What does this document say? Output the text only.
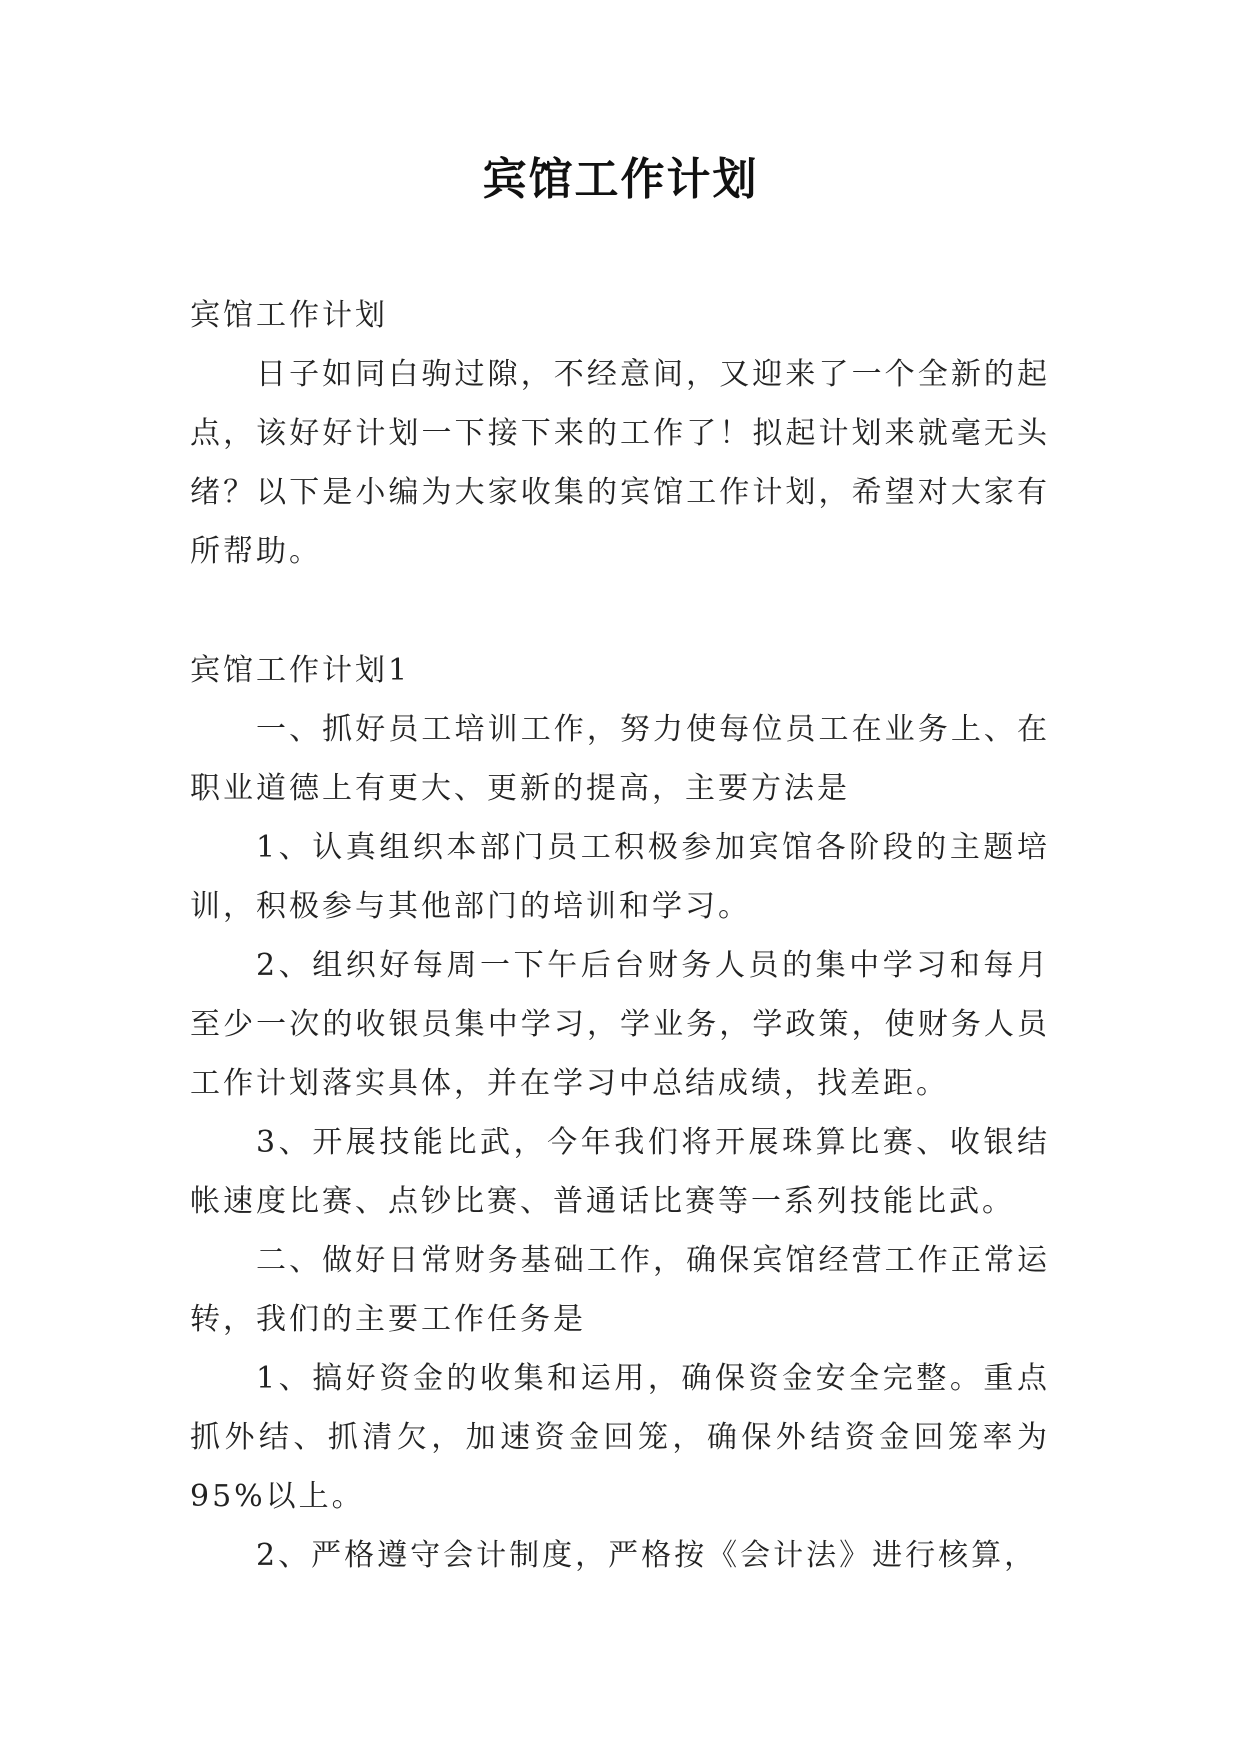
宾馆工作计划

宾馆工作计划

日子如同白驹过隙，不经意间，又迎来了一个全新的起点，该好好计划一下接下来的工作了！拟起计划来就毫无头绪？以下是小编为大家收集的宾馆工作计划，希望对大家有所帮助。

宾馆工作计划1

一、抓好员工培训工作，努力使每位员工在业务上、在职业道德上有更大、更新的提高，主要方法是

1、认真组织本部门员工积极参加宾馆各阶段的主题培训，积极参与其他部门的培训和学习。

2、组织好每周一下午后台财务人员的集中学习和每月至少一次的收银员集中学习，学业务，学政策，使财务人员工作计划落实具体，并在学习中总结成绩，找差距。

3、开展技能比武，今年我们将开展珠算比赛、收银结帐速度比赛、点钞比赛、普通话比赛等一系列技能比武。

二、做好日常财务基础工作，确保宾馆经营工作正常运转，我们的主要工作任务是

1、搞好资金的收集和运用，确保资金安全完整。重点抓外结、抓清欠，加速资金回笼，确保外结资金回笼率为95%以上。

2、严格遵守会计制度，严格按《会计法》进行核算，
